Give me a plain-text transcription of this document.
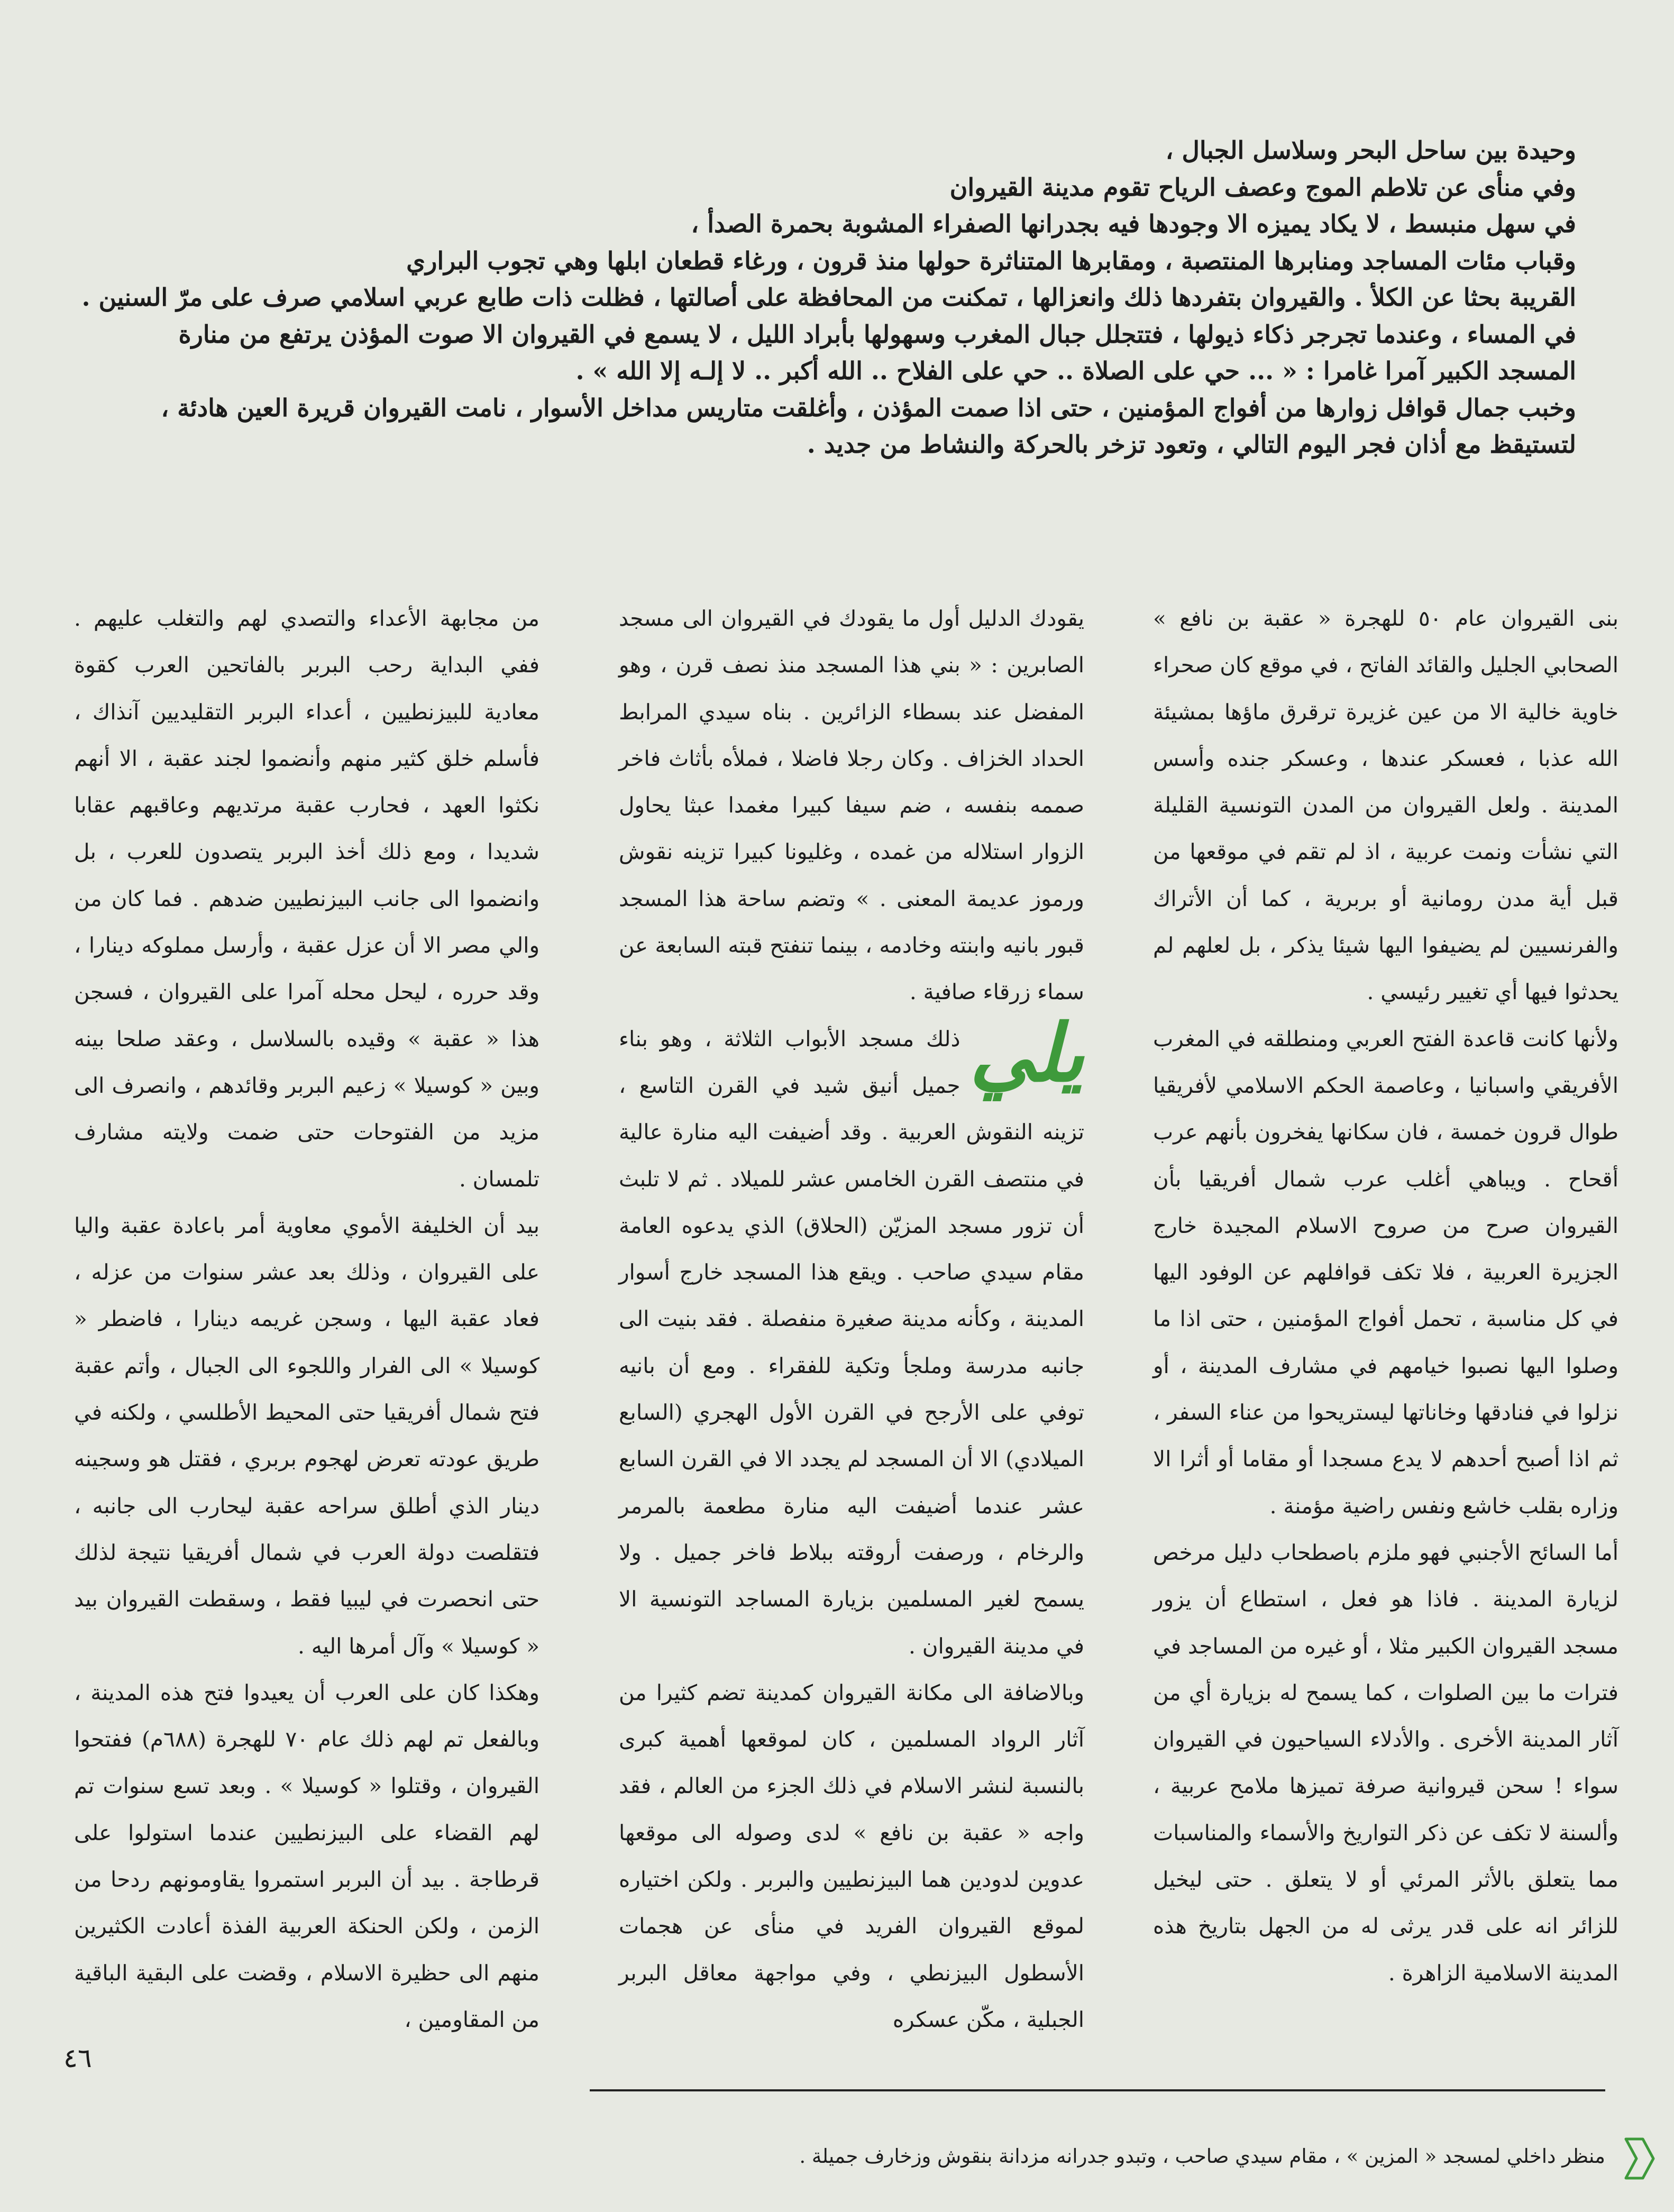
وحيدة بين ساحل البحر وسلاسل الجبال ،

وفي منأى عن تلاطم الموج وعصف الرياح تقوم مدينة القيروان

في سهل منبسط ، لا يكاد يميزه الا وجودها فيه بجدرانها الصفراء المشوبة بحمرة الصدأ ،

وقباب مئات المساجد ومنابرها المنتصبة ، ومقابرها المتناثرة حولها منذ قرون ، ورغاء قطعان ابلها وهي تجوب البراري

القريبة بحثا عن الكلأ . والقيروان بتفردها ذلك وانعزالها ، تمكنت من المحافظة على أصالتها ، فظلت ذات طابع عربي اسلامي صرف على مرّ السنين .

في المساء ، وعندما تجرجر ذكاء ذيولها ، فتتجلل جبال المغرب وسهولها بأبراد الليل ، لا يسمع في القيروان الا صوت المؤذن يرتفع من منارة

المسجد الكبير آمرا غامرا : « ... حي على الصلاة .. حي على الفلاح .. الله أكبر .. لا إلـه إلا الله » .

وخبب جمال قوافل زوارها من أفواج المؤمنين ، حتى اذا صمت المؤذن ، وأغلقت متاريس مداخل الأسوار ، نامت القيروان قريرة العين هادئة ،

لتستيقظ مع أذان فجر اليوم التالي ، وتعود تزخر بالحركة والنشاط من جديد .

بنى القيروان عام ٥٠ للهجرة « عقبة بن نافع » الصحابي الجليل والقائد الفاتح ، في موقع كان صحراء خاوية خالية الا من عين غزيرة ترقرق ماؤها بمشيئة الله عذبا ، فعسكر عندها ، وعسكر جنده وأسس المدينة . ولعل القيروان من المدن التونسية القليلة التي نشأت ونمت عربية ، اذ لم تقم في موقعها من قبل أية مدن رومانية أو بربرية ، كما أن الأتراك والفرنسيين لم يضيفوا اليها شيئا يذكر ، بل لعلهم لم يحدثوا فيها أي تغيير رئيسي .

ولأنها كانت قاعدة الفتح العربي ومنطلقه في المغرب الأفريقي واسبانيا ، وعاصمة الحكم الاسلامي لأفريقيا طوال قرون خمسة ، فان سكانها يفخرون بأنهم عرب أقحاح . ويباهي أغلب عرب شمال أفريقيا بأن القيروان صرح من صروح الاسلام المجيدة خارج الجزيرة العربية ، فلا تكف قوافلهم عن الوفود اليها في كل مناسبة ، تحمل أفواج المؤمنين ، حتى اذا ما وصلوا اليها نصبوا خيامهم في مشارف المدينة ، أو نزلوا في فنادقها وخاناتها ليستريحوا من عناء السفر ، ثم اذا أصبح أحدهم لا يدع مسجدا أو مقاما أو أثرا الا وزاره بقلب خاشع ونفس راضية مؤمنة .

أما السائح الأجنبي فهو ملزم باصطحاب دليل مرخص لزيارة المدينة . فاذا هو فعل ، استطاع أن يزور مسجد القيروان الكبير مثلا ، أو غيره من المساجد في فترات ما بين الصلوات ، كما يسمح له بزيارة أي من آثار المدينة الأخرى . والأدلاء السياحيون في القيروان سواء ! سحن قيروانية صرفة تميزها ملامح عربية ، وألسنة لا تكف عن ذكر التواريخ والأسماء والمناسبات مما يتعلق بالأثر المرئي أو لا يتعلق . حتى ليخيل للزائر انه على قدر يرثى له من الجهل بتاريخ هذه المدينة الاسلامية الزاهرة .

يقودك الدليل أول ما يقودك في القيروان الى مسجد الصابرين : « بني هذا المسجد منذ نصف قرن ، وهو المفضل عند بسطاء الزائرين . بناه سيدي المرابط الحداد الخزاف . وكان رجلا فاضلا ، فملأه بأثاث فاخر صممه بنفسه ، ضم سيفا كبيرا مغمدا عبثا يحاول الزوار استلاله من غمده ، وغليونا كبيرا تزينه نقوش ورموز عديمة المعنى . » وتضم ساحة هذا المسجد قبور بانيه وابنته وخادمه ، بينما تنفتح قبته السابعة عن سماء زرقاء صافية .

يلي
ذلك مسجد الأبواب الثلاثة ، وهو بناء جميل أنيق شيد في القرن التاسع ، تزينه النقوش العربية . وقد أضيفت اليه منارة عالية في منتصف القرن الخامس عشر للميلاد . ثم لا تلبث أن تزور مسجد المزيّن (الحلاق) الذي يدعوه العامة مقام سيدي صاحب . ويقع هذا المسجد خارج أسوار المدينة ، وكأنه مدينة صغيرة منفصلة . فقد بنيت الى جانبه مدرسة وملجأ وتكية للفقراء . ومع أن بانيه توفي على الأرجح في القرن الأول الهجري (السابع الميلادي) الا أن المسجد لم يجدد الا في القرن السابع عشر عندما أضيفت اليه منارة مطعمة بالمرمر والرخام ، ورصفت أروقته ببلاط فاخر جميل . ولا يسمح لغير المسلمين بزيارة المساجد التونسية الا في مدينة القيروان .

وبالاضافة الى مكانة القيروان كمدينة تضم كثيرا من آثار الرواد المسلمين ، كان لموقعها أهمية كبرى بالنسبة لنشر الاسلام في ذلك الجزء من العالم ، فقد واجه « عقبة بن نافع » لدى وصوله الى موقعها عدوين لدودين هما البيزنطيين والبربر . ولكن اختياره لموقع القيروان الفريد في منأى عن هجمات الأسطول البيزنطي ، وفي مواجهة معاقل البربر الجبلية ، مكّن عسكره

من مجابهة الأعداء والتصدي لهم والتغلب عليهم . ففي البداية رحب البربر بالفاتحين العرب كقوة معادية للبيزنطيين ، أعداء البربر التقليديين آنذاك ، فأسلم خلق كثير منهم وأنضموا لجند عقبة ، الا أنهم نكثوا العهد ، فحارب عقبة مرتديهم وعاقبهم عقابا شديدا ، ومع ذلك أخذ البربر يتصدون للعرب ، بل وانضموا الى جانب البيزنطيين ضدهم . فما كان من والي مصر الا أن عزل عقبة ، وأرسل مملوكه دينارا ، وقد حرره ، ليحل محله آمرا على القيروان ، فسجن هذا « عقبة » وقيده بالسلاسل ، وعقد صلحا بينه وبين « كوسيلا » زعيم البربر وقائدهم ، وانصرف الى مزيد من الفتوحات حتى ضمت ولايته مشارف تلمسان .

بيد أن الخليفة الأموي معاوية أمر باعادة عقبة واليا على القيروان ، وذلك بعد عشر سنوات من عزله ، فعاد عقبة اليها ، وسجن غريمه دينارا ، فاضطر « كوسيلا » الى الفرار واللجوء الى الجبال ، وأتم عقبة فتح شمال أفريقيا حتى المحيط الأطلسي ، ولكنه في طريق عودته تعرض لهجوم بربري ، فقتل هو وسجينه دينار الذي أطلق سراحه عقبة ليحارب الى جانبه ، فتقلصت دولة العرب في شمال أفريقيا نتيجة لذلك حتى انحصرت في ليبيا فقط ، وسقطت القيروان بيد « كوسيلا » وآل أمرها اليه .

وهكذا كان على العرب أن يعيدوا فتح هذه المدينة ، وبالفعل تم لهم ذلك عام ٧٠ للهجرة (٦٨٨م) ففتحوا القيروان ، وقتلوا « كوسيلا » . وبعد تسع سنوات تم لهم القضاء على البيزنطيين عندما استولوا على قرطاجة . بيد أن البربر استمروا يقاومونهم ردحا من الزمن ، ولكن الحنكة العربية الفذة أعادت الكثيرين منهم الى حظيرة الاسلام ، وقضت على البقية الباقية من المقاومين ،

٤٦
منظر داخلي لمسجد « المزين » ، مقام سيدي صاحب ، وتبدو جدرانه مزدانة بنقوش وزخارف جميلة .
